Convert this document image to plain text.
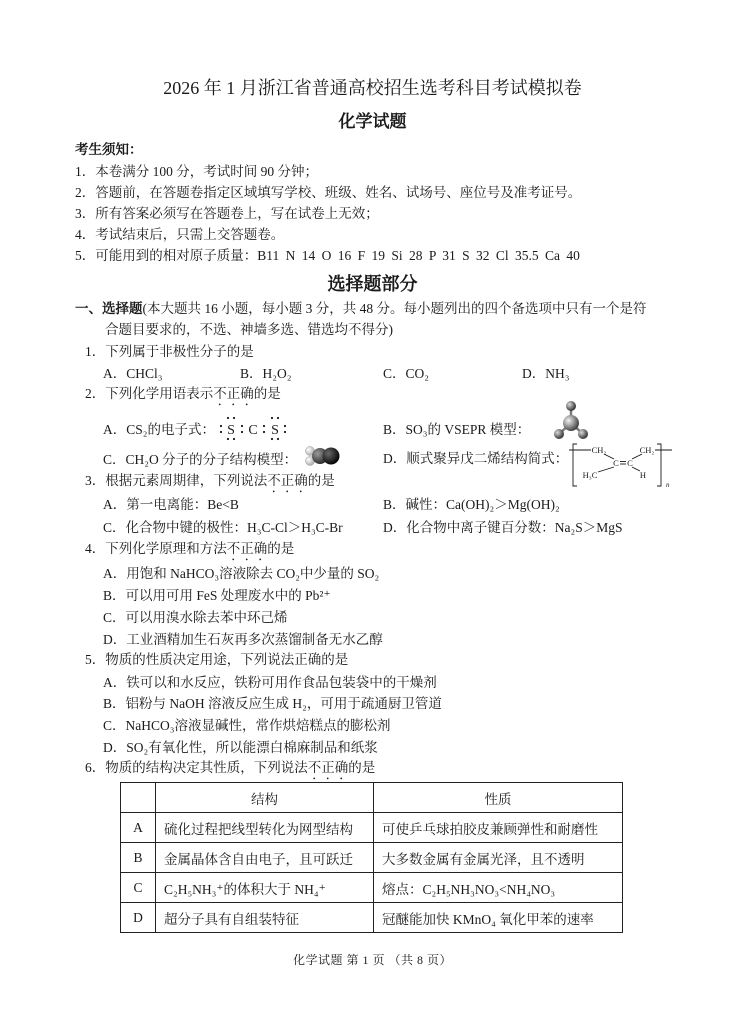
2026 年 1 月浙江省普通高校招生选考科目考试模拟卷
化学试题
考生须知：
1．本卷满分 100 分，考试时间 90 分钟；
2．答题前，在答题卷指定区域填写学校、班级、姓名、试场号、座位号及准考证号。
3．所有答案必须写在答题卷上，写在试卷上无效；
4．考试结束后，只需上交答题卷。
5．可能用到的相对原子质量：B11 N 14 O 16 F 19 Si 28 P 31 S 32 Cl 35.5 Ca 40
选择题部分
一、选择题(本大题共 16 小题，每小题 3 分，共 48 分。每小题列出的四个备选项中只有一个是符
合题目要求的，不选、神墙多选、错选均不得分)
1．下列属于非极性分子的是
A．CHCl₃	B．H₂O₂	C．CO₂	D．NH₃
2．下列化学用语表示不正确的是
A．CS₂的电子式： S C S	B．SO₃的 VSEPR 模型：
C．CH₂O 分子的分子结构模型：	D．顺式聚异戊二烯结构简式：
CH₂	CH₂
C C
H₃C	H
n
3．根据元素周期律，下列说法不正确的是
A．第一电离能：Be<B	B．碱性：Ca(OH)₂＞Mg(OH)₂
C．化合物中键的极性：H₃C-Cl＞H₃C-Br	D．化合物中离子键百分数：Na₂S＞MgS
4．下列化学原理和方法不正确的是
A．用饱和 NaHCO₃溶液除去 CO₂中少量的 SO₂
B．可以用可用 FeS 处理废水中的 Pb²⁺
C．可以用溴水除去苯中环己烯
D．工业酒精加生石灰再多次蒸馏制备无水乙醇
5．物质的性质决定用途，下列说法正确的是
A．铁可以和水反应，铁粉可用作食品包装袋中的干燥剂
B．铝粉与 NaOH 溶液反应生成 H₂，可用于疏通厨卫管道
C．NaHCO₃溶液显碱性，常作烘焙糕点的膨松剂
D．SO₂有氧化性，所以能漂白棉麻制品和纸浆
6．物质的结构决定其性质，下列说法不正确的是
	结构	性质
A	硫化过程把线型转化为网型结构	可使乒乓球拍胶皮兼顾弹性和耐磨性
B	金属晶体含自由电子，且可跃迁	大多数金属有金属光泽，且不透明
C	C₂H₅NH₃⁺的体积大于 NH₄⁺	熔点：C₂H₅NH₃NO₃<NH₄NO₃
D	超分子具有自组装特征	冠醚能加快 KMnO₄ 氧化甲苯的速率
化学试题 第 1 页 （共 8 页）
